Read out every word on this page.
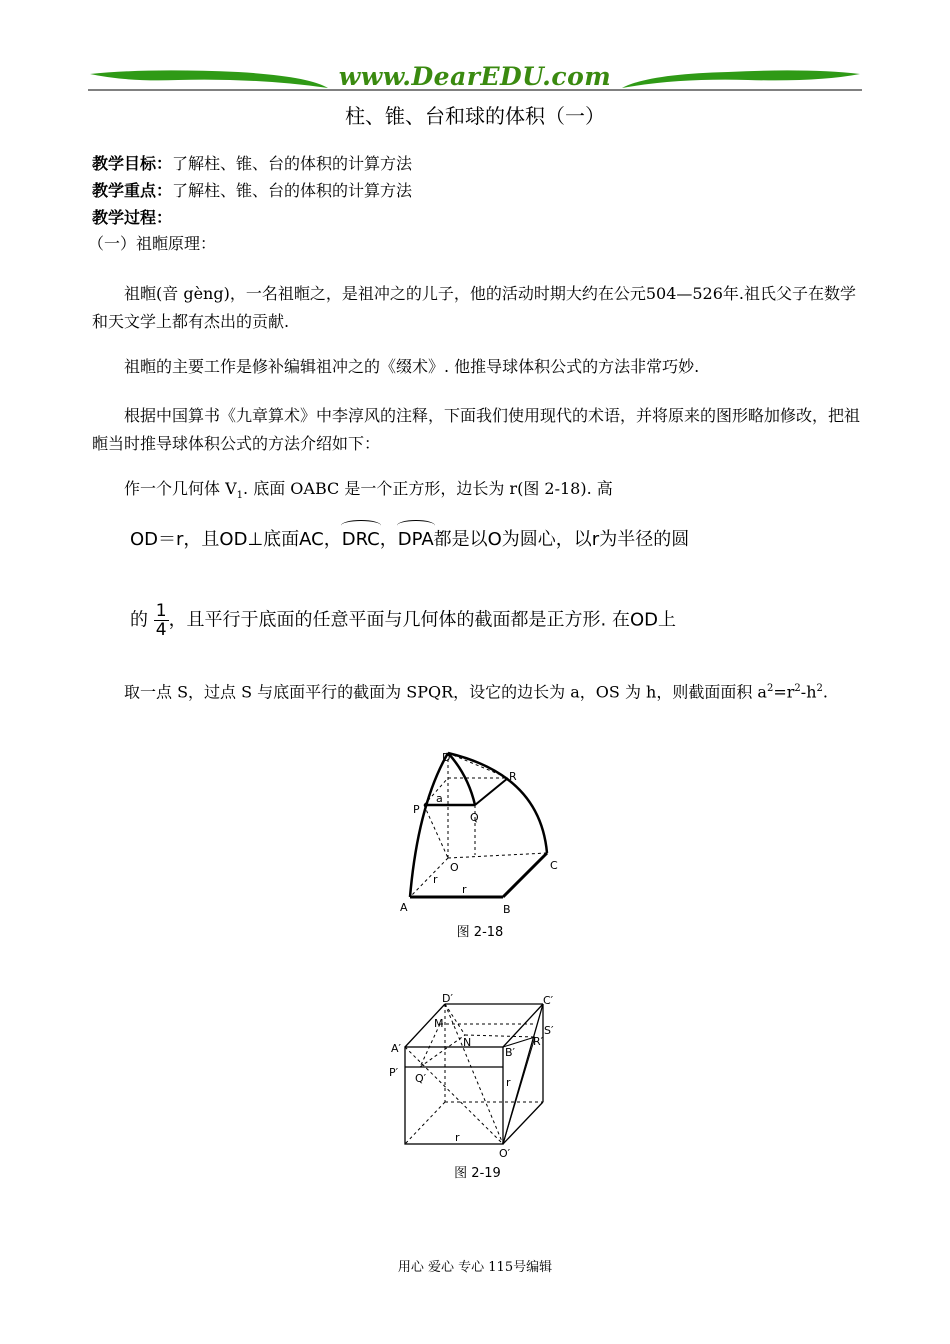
www.DearEDU.com
柱、锥、台和球的体积（一）
教学目标：了解柱、锥、台的体积的计算方法
教学重点：了解柱、锥、台的体积的计算方法
教学过程：
（一）祖暅原理：
祖暅(音 gèng)，一名祖暅之，是祖冲之的儿子，他的活动时期大约在公元504—526年.祖氏父子在数学和天文学上都有杰出的贡献.
祖暅的主要工作是修补编辑祖冲之的《缀术》. 他推导球体积公式的方法非常巧妙.
根据中国算书《九章算术》中李淳风的注释，下面我们使用现代的术语，并将原来的图形略加修改，把祖暅当时推导球体积公式的方法介绍如下：
作一个几何体 $V_1$. 底面 OABC 是一个正方形，边长为 r(图 2-18). 高
OD＝r，且OD⊥底面AC，DRC，DPA都是以O为圆心，以r为半径的圆
的 $\frac{1}{4}$ ，且平行于底面的任意平面与几何体的截面都是正方形. 在OD上
取一点 S，过点 S 与底面平行的截面为 SPQR，设它的边长为 a，OS 为 h，则截面面积 $a^2=r^2-h^2$.
D
R
P
a
Q
O	C
r
r
A	B
图 2-18
D′	C′
M
S′
N
A′	B′
R′
P′ Q′	r
r
O′
图 2-19
用心 爱心 专心 115号编辑
